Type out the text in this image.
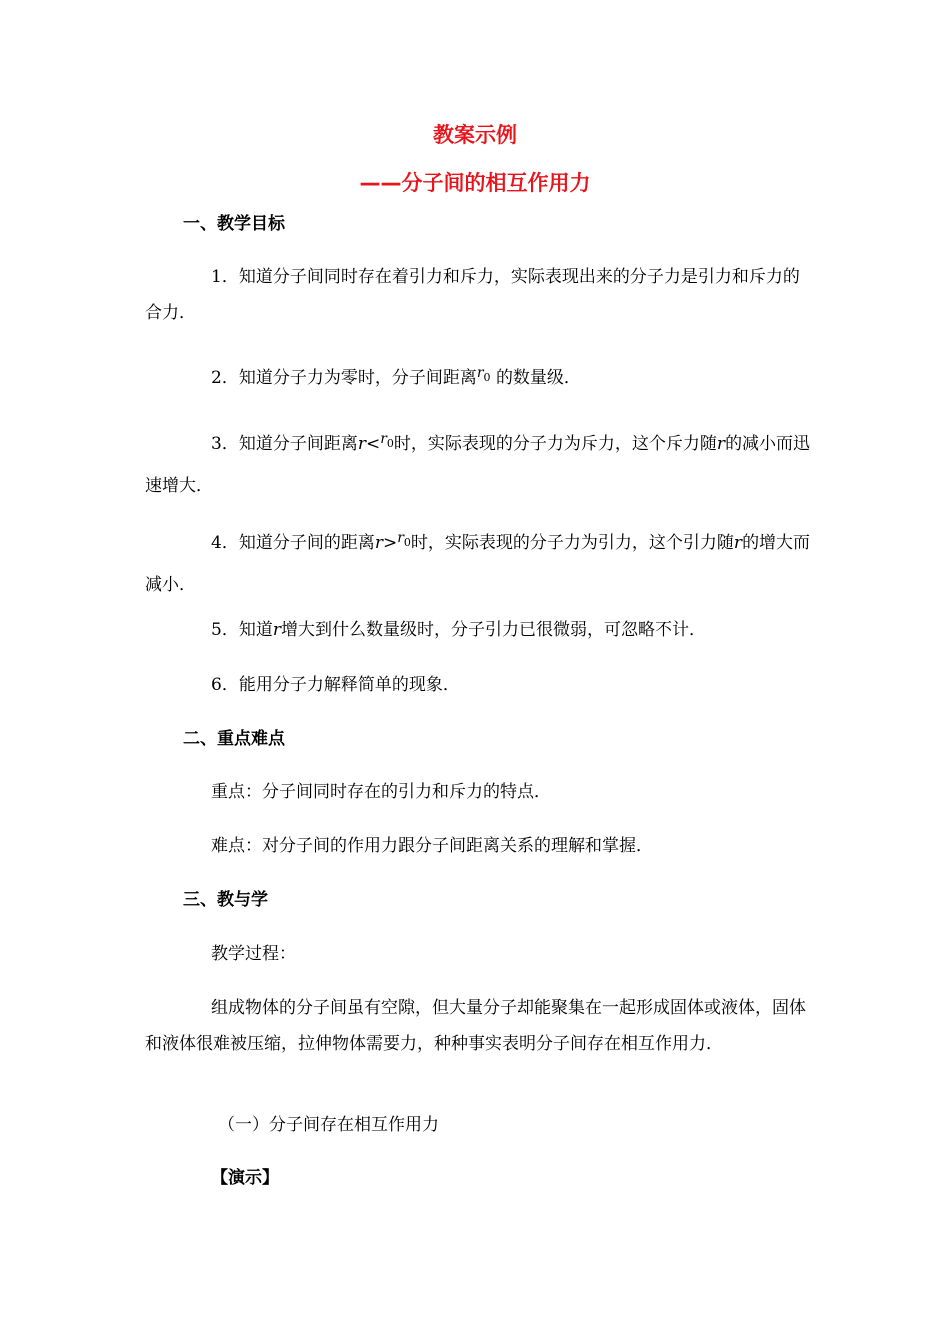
教案示例
——分子间的相互作用力
一、教学目标
1．知道分子间同时存在着引力和斥力，实际表现出来的分子力是引力和斥力的合力．
2．知道分子力为零时，分子间距离$^{r_0}$ 的数量级．
3．知道分子间距离r<$^{r_0}$时，实际表现的分子力为斥力，这个斥力随r的减小而迅速增大．
4．知道分子间的距离r>$^{r_0}$时，实际表现的分子力为引力，这个引力随r的增大而减小．
5．知道r增大到什么数量级时，分子引力已很微弱，可忽略不计．
6．能用分子力解释简单的现象．
二、重点难点
重点：分子间同时存在的引力和斥力的特点．
难点：对分子间的作用力跟分子间距离关系的理解和掌握．
三、教与学
教学过程：
组成物体的分子间虽有空隙，但大量分子却能聚集在一起形成固体或液体，固体和液体很难被压缩，拉伸物体需要力，种种事实表明分子间存在相互作用力．
（一）分子间存在相互作用力
【演示】
